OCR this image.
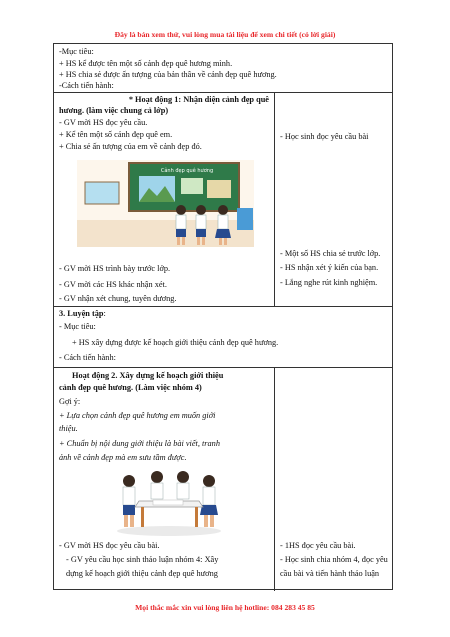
Đây là bản xem thử, vui lòng mua tài liệu để xem chi tiết (có lời giải)
-Mục tiêu:
+ HS kể được tên một số cảnh đẹp quê hương mình.
+ HS chia sẻ được ấn tượng của bản thân về cảnh đẹp quê hương.
-Cách tiến hành:
* Hoạt động 1: Nhận diện cảnh đẹp quê
hương. (làm việc chung cả lớp)
- GV mời HS đọc yêu cầu.
+ Kể tên một số cảnh đẹp quê em.
+ Chia sẻ ấn tượng của em về cảnh đẹp đó.
Cảnh đẹp quê hương
- GV mời HS trình bày trước lớp.
- GV mời các HS khác nhận xét.
- GV nhận xét chung, tuyên dương.
- Học sinh đọc yêu cầu bài
- Một số HS chia sẻ trước lớp.
- HS nhận xét ý kiến của bạn.
- Lắng nghe rút kinh nghiệm.
3. Luyện tập:
- Mục tiêu:
+ HS xây dựng được kế hoạch giới thiệu cảnh đẹp quê hương.
- Cách tiến hành:
Hoạt động 2. Xây dựng kế hoạch giới thiệu
cảnh đẹp quê hương. (Làm việc nhóm 4)
Gợi ý:
+ Lựa chọn cảnh đẹp quê hương em muốn giới
thiệu.
+ Chuẩn bị nội dung giới thiệu là bài viết, tranh
ảnh về cảnh đẹp mà em sưu tầm được.
- GV mời HS đọc yêu cầu bài.
- GV yêu cầu học sinh thảo luận nhóm 4: Xây
dựng kế hoạch giới thiệu cảnh đẹp quê hương
- 1HS đọc yêu cầu bài.
- Học sinh chia nhóm 4, đọc yêu
cầu bài và tiến hành thảo luận
Mọi thắc mắc xin vui lòng liên hệ hotline: 084 283 45 85
